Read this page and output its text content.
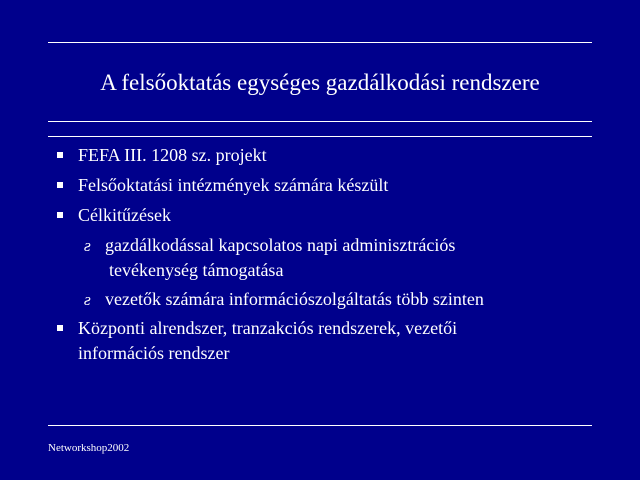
A felsőoktatás egységes gazdálkodási rendszere
FEFA III. 1208 sz. projekt
Felsőoktatási intézmények számára készült
Célkitűzések
ƨ gazdálkodással kapcsolatos napi adminisztrációs
tevékenység támogatása
ƨ vezetők számára információszolgáltatás több szinten
Központi alrendszer, tranzakciós rendszerek, vezetői
információs rendszer
Networkshop2002
